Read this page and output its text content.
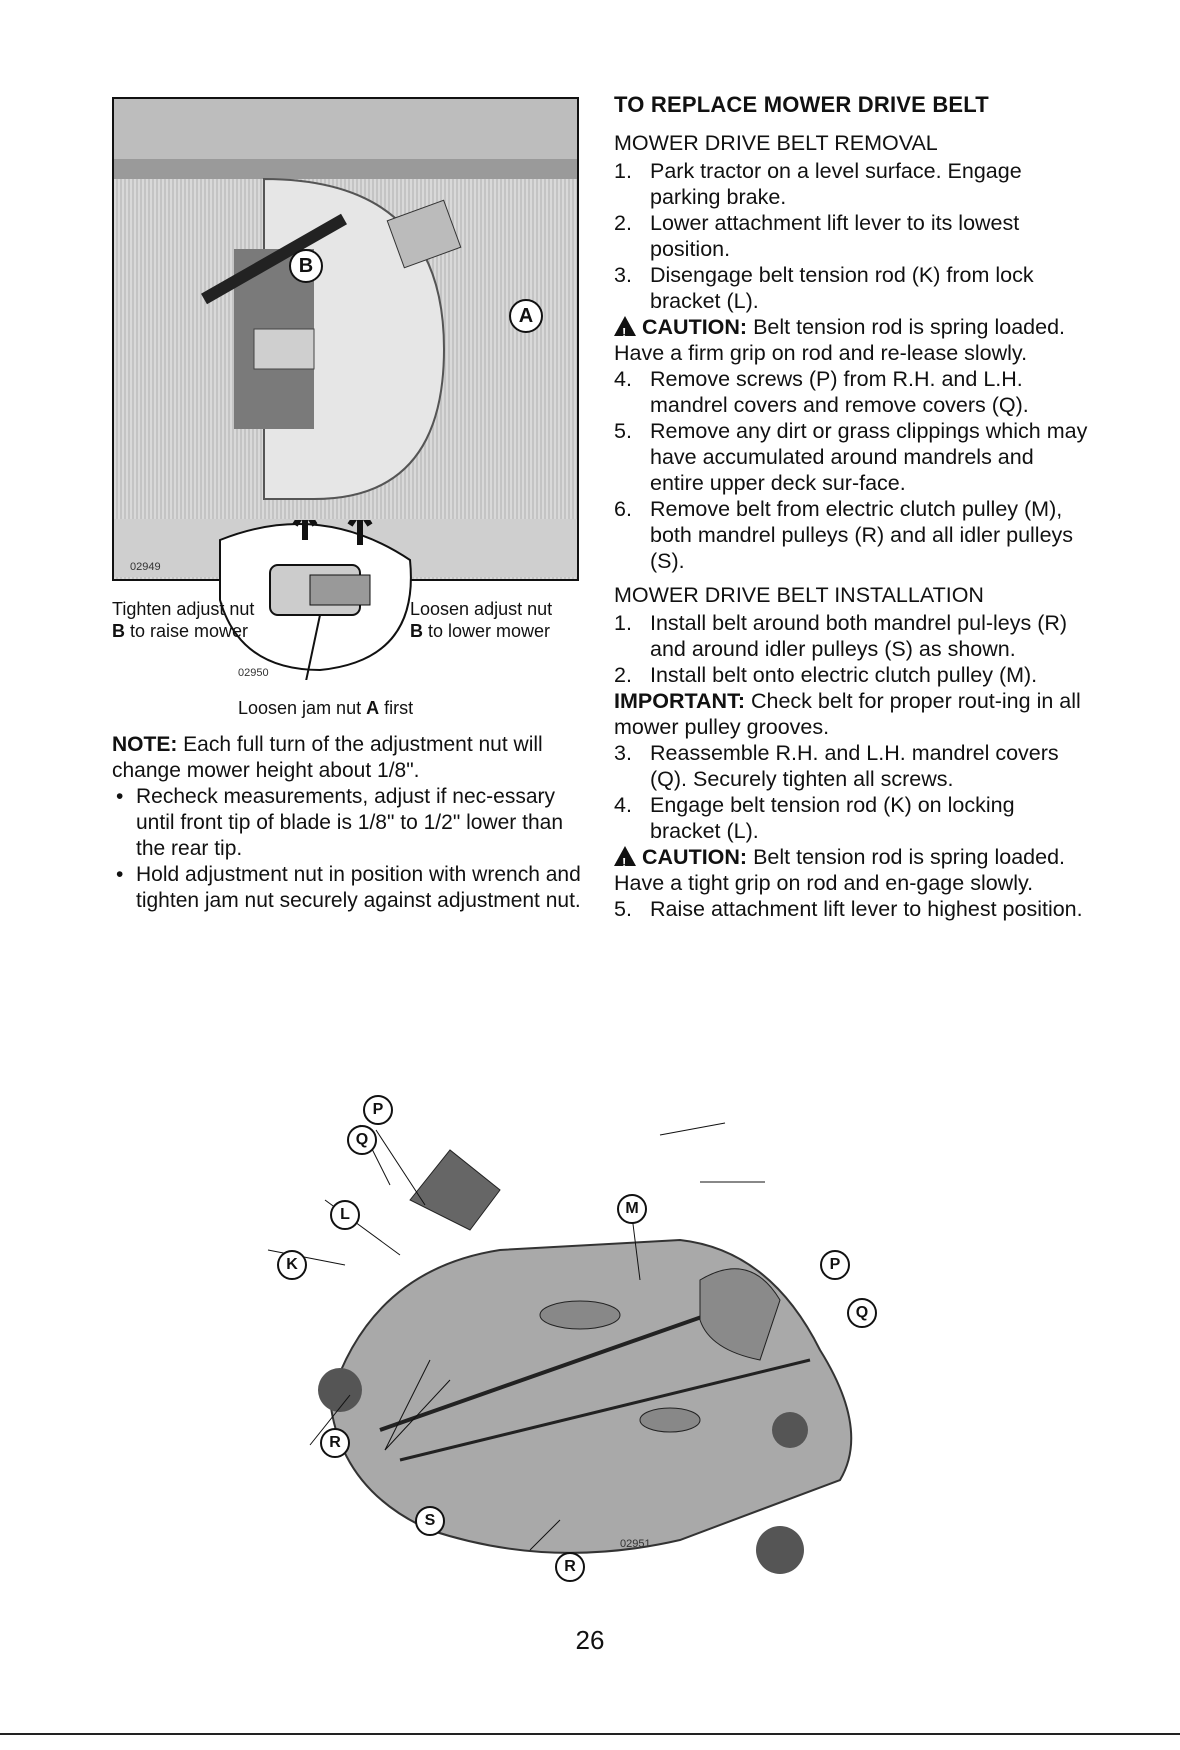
B
A
02949
Tighten adjust nut
B to raise mower
Loosen adjust nut
B to lower mower
02950
Loosen jam nut A first

NOTE: Each full turn of the adjustment nut will change mower height about 1/8".

• Recheck measurements, adjust if nec-essary until front tip of blade is 1/8" to 1/2" lower than the rear tip.

• Hold adjustment nut in position with wrench and tighten jam nut securely against adjustment nut.

TO REPLACE MOWER DRIVE BELT

MOWER DRIVE BELT REMOVAL

1. Park tractor on a level surface. Engage parking brake.
2. Lower attachment lift lever to its lowest position.
3. Disengage belt tension rod (K) from lock bracket (L).

!CAUTION: Belt tension rod is spring loaded. Have a firm grip on rod and re-lease slowly.

4. Remove screws (P) from R.H. and L.H. mandrel covers and remove covers (Q).
5. Remove any dirt or grass clippings which may have accumulated around mandrels and entire upper deck sur-face.
6. Remove belt from electric clutch pulley (M), both mandrel pulleys (R) and all idler pulleys (S).

MOWER DRIVE BELT INSTALLATION

1. Install belt around both mandrel pul-leys (R) and around idler pulleys (S) as shown.
2. Install belt onto electric clutch pulley (M).

IMPORTANT: Check belt for proper rout-ing in all mower pulley grooves.

3. Reassemble R.H. and L.H. mandrel covers (Q). Securely tighten all screws.
4. Engage belt tension rod (K) on locking bracket (L).

!CAUTION: Belt tension rod is spring loaded. Have a tight grip on rod and en-gage slowly.

5. Raise attachment lift lever to highest position.
P
Q
L
K
M
P
Q
R
S
R
02951
26
